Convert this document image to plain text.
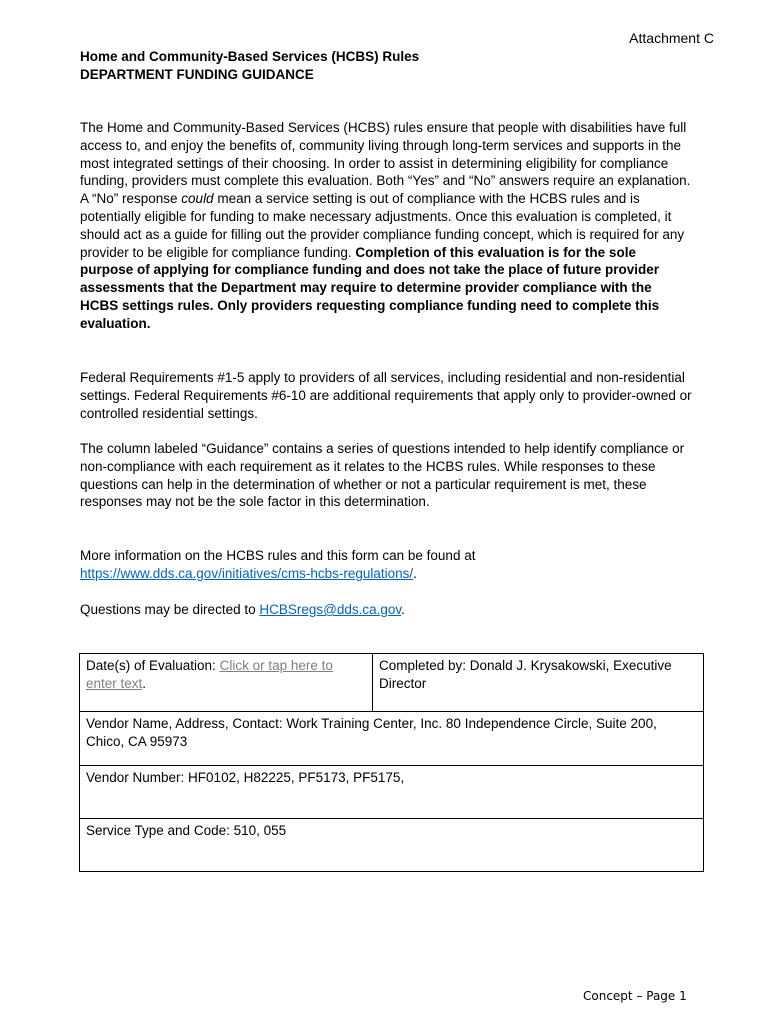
Attachment C
Home and Community-Based Services (HCBS) Rules
DEPARTMENT FUNDING GUIDANCE
The Home and Community-Based Services (HCBS) rules ensure that people with disabilities have full access to, and enjoy the benefits of, community living through long-term services and supports in the most integrated settings of their choosing. In order to assist in determining eligibility for compliance funding, providers must complete this evaluation. Both “Yes” and “No” answers require an explanation. A “No” response could mean a service setting is out of compliance with the HCBS rules and is potentially eligible for funding to make necessary adjustments. Once this evaluation is completed, it should act as a guide for filling out the provider compliance funding concept, which is required for any provider to be eligible for compliance funding. Completion of this evaluation is for the sole purpose of applying for compliance funding and does not take the place of future provider assessments that the Department may require to determine provider compliance with the HCBS settings rules. Only providers requesting compliance funding need to complete this evaluation.
Federal Requirements #1-5 apply to providers of all services, including residential and non-residential settings. Federal Requirements #6-10 are additional requirements that apply only to provider-owned or controlled residential settings.
The column labeled “Guidance” contains a series of questions intended to help identify compliance or non-compliance with each requirement as it relates to the HCBS rules. While responses to these questions can help in the determination of whether or not a particular requirement is met, these responses may not be the sole factor in this determination.
More information on the HCBS rules and this form can be found at
https://www.dds.ca.gov/initiatives/cms-hcbs-regulations/.
Questions may be directed to HCBSregs@dds.ca.gov.
Date(s) of Evaluation: Click or tap here to enter text.	Completed by: Donald J. Krysakowski, Executive Director
Vendor Name, Address, Contact: Work Training Center, Inc. 80 Independence Circle, Suite 200, Chico, CA 95973
Vendor Number: HF0102, H82225, PF5173, PF5175,
Service Type and Code: 510, 055
Concept – Page 1
